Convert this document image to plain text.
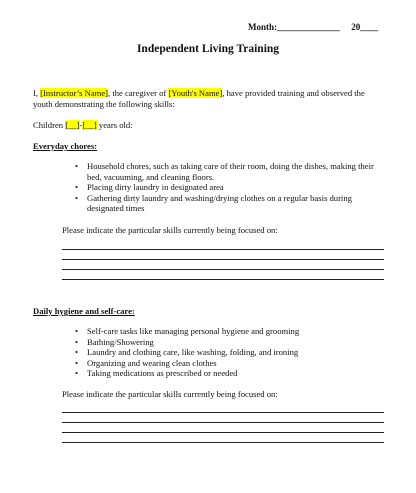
Month:______________ 20____
Independent Living Training
I, [Instructor’s Name], the caregiver of [Youth's Name], have provided training and observed the youth demonstrating the following skills:
Children [__]-[__] years old:
Everyday chores:
• Household chores, such as taking care of their room, doing the dishes, making their bed, vacuuming, and cleaning floors.
• Placing dirty laundry in designated area
• Gathering dirty laundry and washing/drying clothes on a regular basis during designated times
Please indicate the particular skills currently being focused on:
Daily hygiene and self-care:
• Self-care tasks like managing personal hygiene and grooming
• Bathing/Showering
• Laundry and clothing care, like washing, folding, and ironing
• Organizing and wearing clean clothes
• Taking medications as prescribed or needed
Please indicate the particular skills currently being focused on:
